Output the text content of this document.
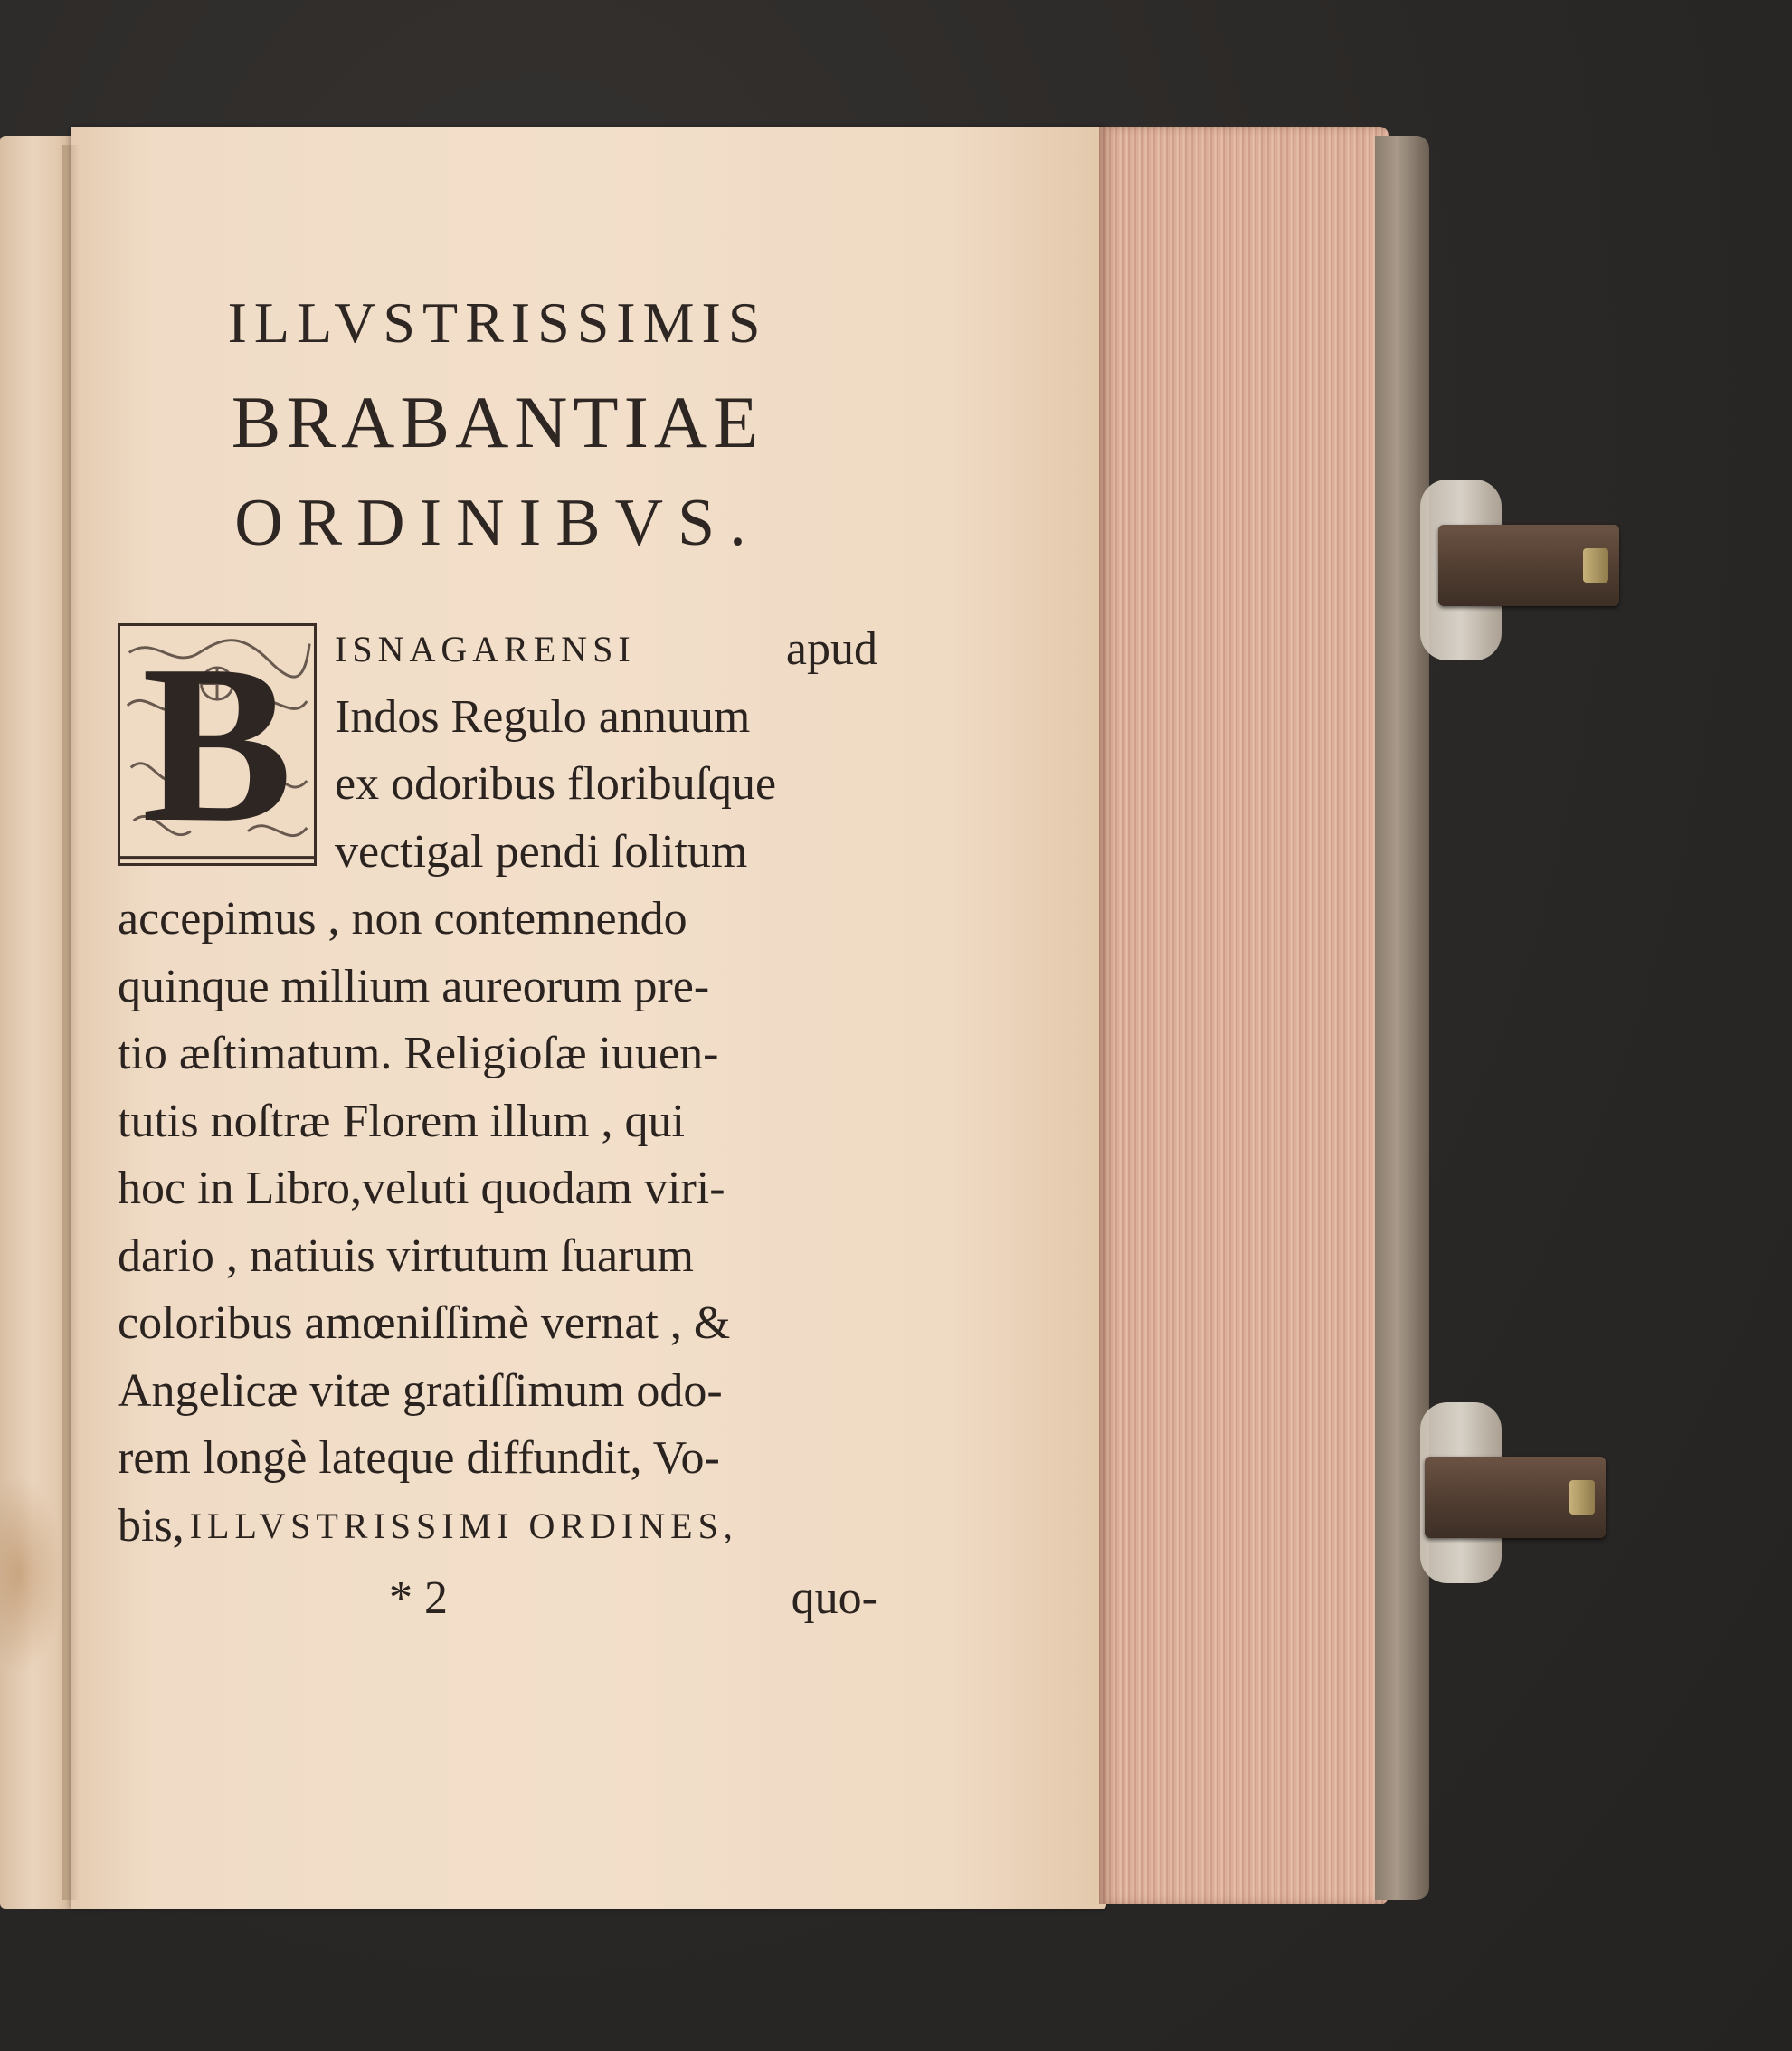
ILLVSTRISSIMIS
BRABANTIAE
ORDINIBVS.
B	ISNAGARENSI	apud
Indos Regulo annuum
ex odoribus floribuſque
vectigal pendi ſolitum
accepimus , non contemnendo
quinque millium aureorum pre-
tio æſtimatum. Religioſæ iuuen-
tutis noſtræ Florem illum , qui
hoc in Libro,veluti quodam viri-
dario , natiuis virtutum ſuarum
coloribus amœniſſimè vernat , &
Angelicæ vitæ gratiſſimum odo-
rem longè lateque diffundit, Vo-
bis, ILLVSTRISSIMI ORDINES,
* 2	quo-
